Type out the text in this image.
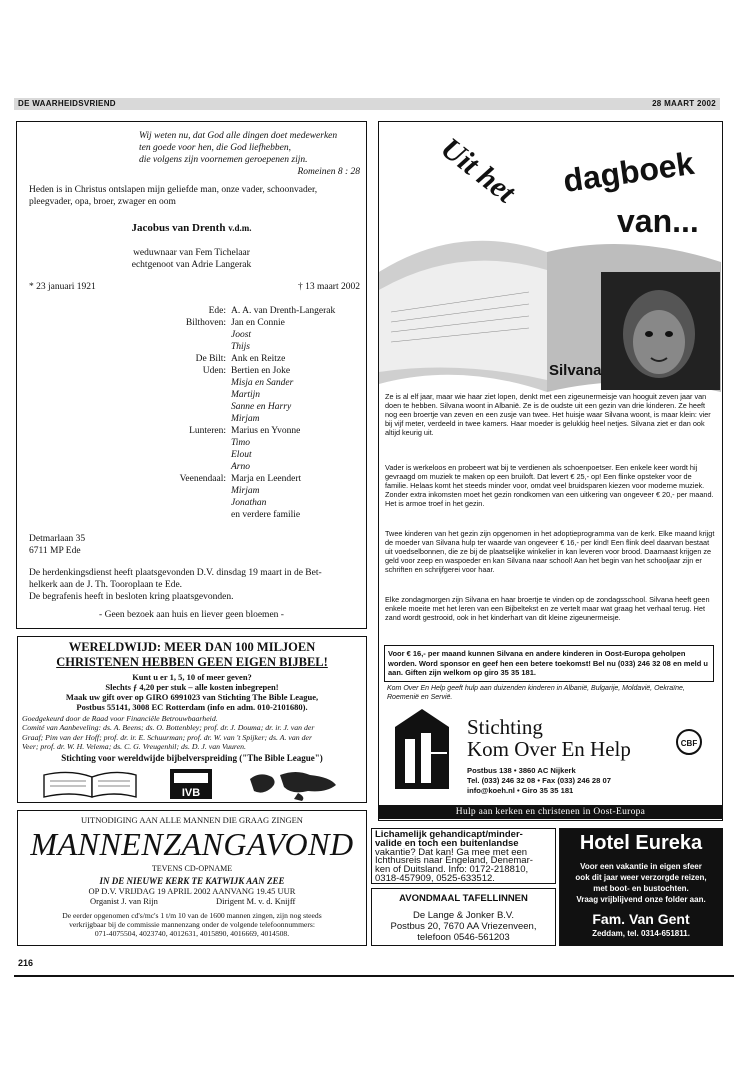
DE WAARHEIDSVRIEND	28 MAART 2002

Wij weten nu, dat God alle dingen doet medewerken

ten goede voor hen, die God liefhebben,

die volgens zijn voornemen geroepenen zijn.

Romeinen 8 : 28

Heden is in Christus ontslapen mijn geliefde man, onze vader, schoonvader,

pleegvader, opa, broer, zwager en oom

Jacobus van Drenth v.d.m.

weduwnaar van Fem Tichelaar

echtgenoot van Adrie Langerak

* 23 januari 1921	† 13 maart 2002

Ede: A. A. van Drenth-Langerak
Bilthoven: Jan en Connie
Joost
Thijs
De Bilt: Ank en Reitze
Uden: Bertien en Joke
Misja en Sander
Martijn
Sanne en Harry
Mirjam
Lunteren: Marius en Yvonne
Timo
Elout
Arno
Veenendaal: Marja en Leendert
Mirjam
Jonathan
en verdere familie

Detmarlaan 35

6711 MP Ede

De herdenkingsdienst heeft plaatsgevonden D.V. dinsdag 19 maart in de Bet-

helkerk aan de J. Th. Tooroplaan te Ede.

De begrafenis heeft in besloten kring plaatsgevonden.

- Geen bezoek aan huis en liever geen bloemen -

WERELDWIJD: MEER DAN 100 MILJOEN
CHRISTENEN HEBBEN GEEN EIGEN BIJBEL!
Kunt u er 1, 5, 10 of meer geven?
Slechts ƒ 4,20 per stuk – alle kosten inbegrepen!
Maak uw gift over op GIRO 6991023 van Stichting The Bible League,
Postbus 55141, 3008 EC Rotterdam (info en adm. 010-2101680).
Goedgekeurd door de Raad voor Financiële Betrouwbaarheid.
Comité van Aanbeveling: ds. A. Beens; ds. O. Bottenbley; prof. dr. J. Douma; dr. ir. J. van der
Graaf; Pim van der Hoff; prof. dr. ir. E. Schuurman; prof. dr. W. van 't Spijker; ds. A. van der
Veer; prof. dr. W. H. Velema; ds. C. G. Vreugenhil; ds. D. J. van Vuuren.
Stichting voor wereldwijde bijbelverspreiding ("The Bible League")
IVB
UITNODIGING AAN ALLE MANNEN DIE GRAAG ZINGEN
MANNENZANGAVOND
TEVENS CD-OPNAME
IN DE NIEUWE KERK TE KATWIJK AAN ZEE
OP D.V. VRIJDAG 19 APRIL 2002 AANVANG 19.45 UUR
Organist J. van Rijn	Dirigent M. v. d. Knijff
De eerder opgenomen cd's/mc's 1 t/m 10 van de 1600 mannen zingen, zijn nog steeds
verkrijgbaar bij de commissie mannenzang onder de volgende telefoonnummers:
071-4075504, 4023740, 4012631, 4015890, 4016669, 4014508.
216
Uit het dagboek
van...
Silvana
Ze is al elf jaar, maar wie haar ziet lopen, denkt met een zigeunermeisje van hooguit zeven jaar van doen te hebben. Silvana woont in Albanië. Ze is de oudste uit een gezin van drie kinderen. Ze heeft nog een broertje van zeven en een zusje van twee. Het huisje waar Silvana woont, is maar klein: vier bij vijf meter, verdeeld in twee kamers. Haar moeder is gelukkig heel netjes. Silvana ziet er dan ook altijd keurig uit.
Vader is werkeloos en probeert wat bij te verdienen als schoenpoetser. Een enkele keer wordt hij gevraagd om muziek te maken op een bruiloft. Dat levert € 25,- op! Een flinke opsteker voor de familie. Helaas komt het steeds minder voor, omdat veel bruidsparen kiezen voor moderne muziek. Zonder extra inkomsten moet het gezin rondkomen van een uitkering van ongeveer € 20,- per maand. Het is armoe troef in het gezin.
Twee kinderen van het gezin zijn opgenomen in het adoptieprogramma van de kerk. Elke maand krijgt de moeder van Silvana hulp ter waarde van ongeveer € 16,- per kind! Een flink deel daarvan bestaat uit voedselbonnen, die ze bij de plaatselijke winkelier in kan leveren voor brood. Daarnaast krijgen ze geld voor zeep en waspoeder en kan Silvana naar school! Aan het begin van het schooljaar zijn er schriften en schrijfgerei voor haar.
Elke zondagmorgen zijn Silvana en haar broertje te vinden op de zondagsschool. Silvana heeft geen enkele moeite met het leren van een Bijbeltekst en ze vertelt maar wat graag het verhaal terug. Het zand wordt gestrooid, ook in het kinderhart van dit kleine zigeunermeisje.
Voor € 16,- per maand kunnen Silvana en andere kinderen in Oost-Europa geholpen worden. Word sponsor en geef hen een betere toekomst! Bel nu (033) 246 32 08 en meld u aan. Giften zijn welkom op giro 35 35 181.
Kom Over En Help geeft hulp aan duizenden kinderen in Albanië, Bulgarije, Moldavië, Oekraïne, Roemenië en Servië.
Stichting
Kom Over En Help
Postbus 138 • 3860 AC Nijkerk
Tel. (033) 246 32 08 • Fax (033) 246 28 07
info@koeh.nl • Giro 35 35 181
CBF
Hulp aan kerken en christenen in Oost-Europa
Lichamelijk gehandicapt/minder-
valide en toch een buitenlandse
vakantie? Dat kan! Ga mee met een
Ichthusreis naar Engeland, Denemar-
ken of Duitsland. Info: 0172-218810,
0318-457909, 0525-633512.
AVONDMAAL TAFELLINNEN
De Lange & Jonker B.V.
Postbus 20, 7670 AA Vriezenveen,
telefoon 0546-561203
Hotel Eureka
Voor een vakantie in eigen sfeer
ook dit jaar weer verzorgde reizen,
met boot- en bustochten.
Vraag vrijblijvend onze folder aan.
Fam. Van Gent
Zeddam, tel. 0314-651811.
